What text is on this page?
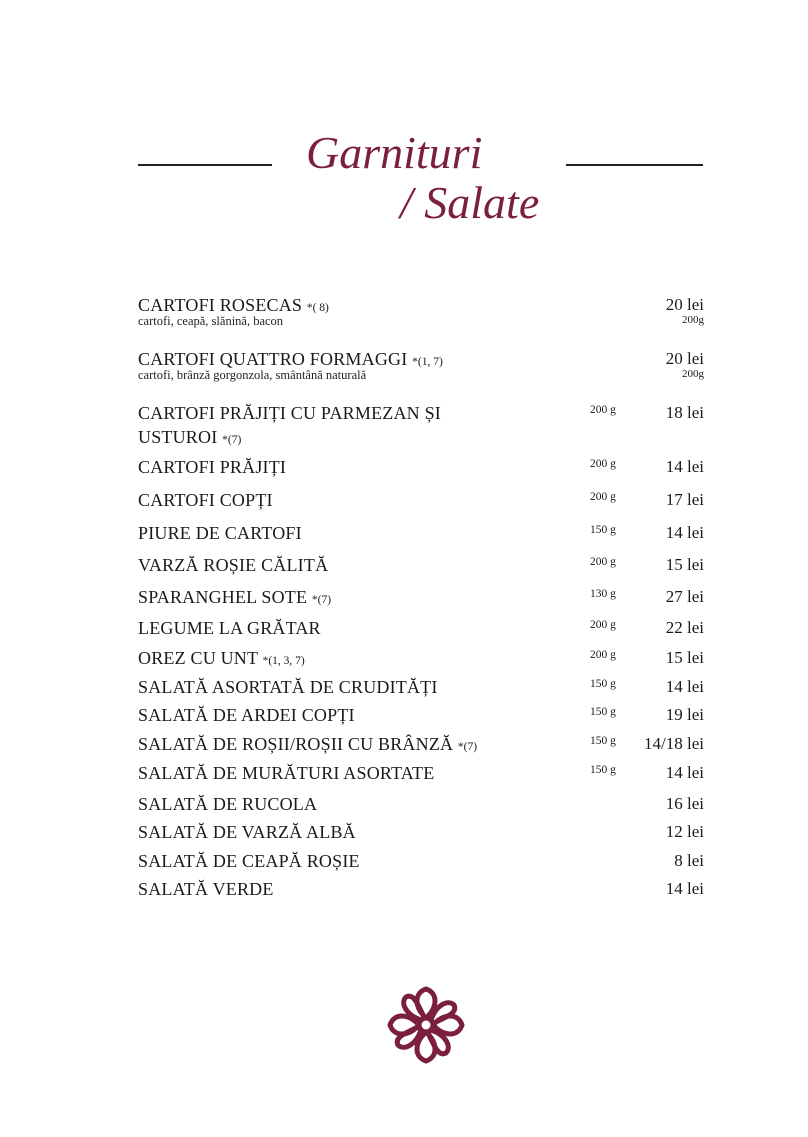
Garnituri
/ Salate
CARTOFI ROSECAS *( 8)
cartofi, ceapă, slănină, bacon
20 lei
200g
CARTOFI QUATTRO FORMAGGI *(1, 7)
cartofi, brânză gorgonzola, smântână naturală
20 lei
200g
CARTOFI PRĂJIȚI CU PARMEZAN ȘI
USTUROI *(7)
200 g	18 lei
CARTOFI PRĂJIȚI	200 g	14 lei
CARTOFI COPȚI	200 g	17 lei
PIURE DE CARTOFI	150 g	14 lei
VARZĂ ROȘIE CĂLITĂ	200 g	15 lei
SPARANGHEL SOTE *(7)	130 g	27 lei
LEGUME LA GRĂTAR	200 g	22 lei
OREZ CU UNT *(1, 3, 7)	200 g	15 lei
SALATĂ ASORTATĂ DE CRUDITĂȚI	150 g	14 lei
SALATĂ DE ARDEI COPȚI	150 g	19 lei
SALATĂ DE ROȘII/ROȘII CU BRÂNZĂ *(7)	150 g 14/18 lei
SALATĂ DE MURĂTURI ASORTATE	150 g	14 lei
SALATĂ DE RUCOLA	16 lei
SALATĂ DE VARZĂ ALBĂ	12 lei
SALATĂ DE CEAPĂ ROȘIE	8 lei
SALATĂ VERDE	14 lei
